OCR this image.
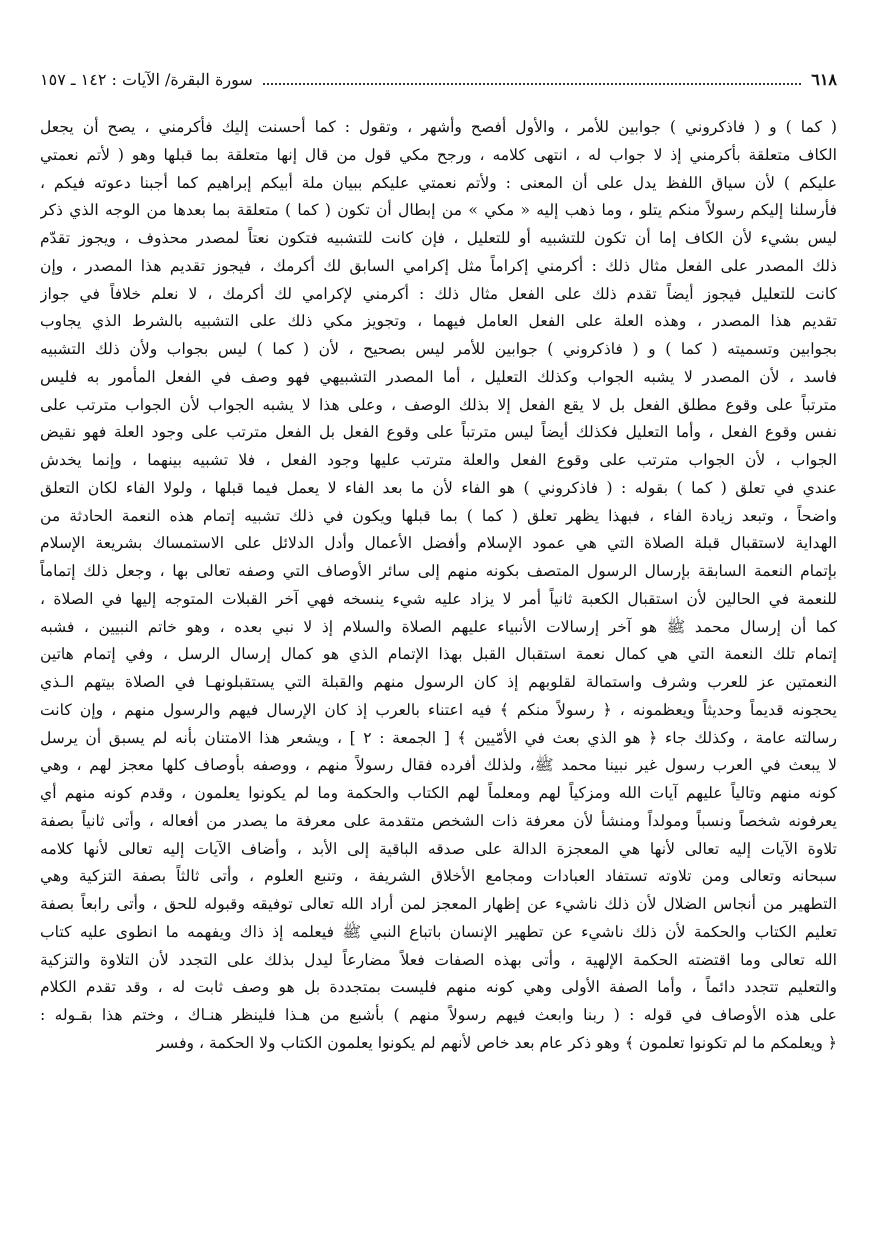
٦١٨
سورة البقرة/ الآيات : ١٤٢ ـ ١٥٧
( كما ) و ( فاذكروني ) جوابين للأمر ، والأول أفصح وأشهر ، وتقول : كما أحسنت إليك فأكرمني ، يصح أن يجعل
الكاف متعلقة بأكرمني إذ لا جواب له ، انتهى كلامه ، ورجح مكي قول من قال إنها متعلقة بما قبلها وهو ( لأتم نعمتي
عليكم ) لأن سياق اللفظ يدل على أن المعنى : ولأتم نعمتي عليكم ببيان ملة أبيكم إبراهيم كما أجبنا دعوته فيكم ،
فأرسلنا إليكم رسولاً منكم يتلو ، وما ذهب إليه « مكي » من إبطال أن تكون ( كما ) متعلقة بما بعدها من الوجه الذي ذكر
ليس بشيء لأن الكاف إما أن تكون للتشبيه أو للتعليل ، فإن كانت للتشبيه فتكون نعتاً لمصدر محذوف ، ويجوز تقدّم
ذلك المصدر على الفعل مثال ذلك : أكرمني إكراماً مثل إكرامي السابق لك أكرمك ، فيجوز تقديم هذا المصدر ، وإن
كانت للتعليل فيجوز أيضاً تقدم ذلك على الفعل مثال ذلك : أكرمني لإكرامي لك أكرمك ، لا نعلم خلافاً في جواز
تقديم هذا المصدر ، وهذه العلة على الفعل العامل فيهما ، وتجويز مكي ذلك على التشبيه بالشرط الذي يجاوب
بجوابين وتسميته ( كما ) و ( فاذكروني ) جوابين للأمر ليس بصحيح ، لأن ( كما ) ليس بجواب ولأن ذلك التشبيه
فاسد ، لأن المصدر لا يشبه الجواب وكذلك التعليل ، أما المصدر التشبيهي فهو وصف في الفعل المأمور به فليس
مترتباً على وقوع مطلق الفعل بل لا يقع الفعل إلا بذلك الوصف ، وعلى هذا لا يشبه الجواب لأن الجواب مترتب على
نفس وقوع الفعل ، وأما التعليل فكذلك أيضاً ليس مترتباً على وقوع الفعل بل الفعل مترتب على وجود العلة فهو نقيض
الجواب ، لأن الجواب مترتب على وقوع الفعل والعلة مترتب عليها وجود الفعل ، فلا تشبيه بينهما ، وإنما يخدش
عندي في تعلق ( كما ) بقوله : ( فاذكروني ) هو الفاء لأن ما بعد الفاء لا يعمل فيما قبلها ، ولولا الفاء لكان التعلق
واضحاً ، وتبعد زيادة الفاء ، فبهذا يظهر تعلق ( كما ) بما قبلها ويكون في ذلك تشبيه إتمام هذه النعمة الحادثة من
الهداية لاستقبال قبلة الصلاة التي هي عمود الإسلام وأفضل الأعمال وأدل الدلائل على الاستمساك بشريعة الإسلام
بإتمام النعمة السابقة بإرسال الرسول المتصف بكونه منهم إلى سائر الأوصاف التي وصفه تعالى بها ، وجعل ذلك إتماماً
للنعمة في الحالين لأن استقبال الكعبة ثانياً أمر لا يزاد عليه شيء ينسخه فهي آخر القبلات المتوجه إليها في الصلاة ،
كما أن إرسال محمد ﷺ هو آخر إرسالات الأنبياء عليهم الصلاة والسلام إذ لا نبي بعده ، وهو خاتم النبيين ، فشبه
إتمام تلك النعمة التي هي كمال نعمة استقبال القبل بهذا الإتمام الذي هو كمال إرسال الرسل ، وفي إتمام هاتين
النعمتين عز للعرب وشرف واستمالة لقلوبهم إذ كان الرسول منهم والقبلة التي يستقبلونهـا في الصلاة بيتهم الـذي
يحجونه قديماً وحديثاً ويعظمونه ، ﴿ رسولاً منكم ﴾ فيه اعتناء بالعرب إذ كان الإرسال فيهم والرسول منهم ، وإن كانت
رسالته عامة ، وكذلك جاء ﴿ هو الذي بعث في الأمّيين ﴾ [ الجمعة : ٢ ] ، ويشعر هذا الامتنان بأنه لم يسبق أن يرسل
لا يبعث في العرب رسول غير نبينا محمد ﷺ، ولذلك أفرده فقال رسولاً منهم ، ووصفه بأوصاف كلها معجز لهم ، وهي
كونه منهم وتالياً عليهم آيات الله ومزكياً لهم ومعلماً لهم الكتاب والحكمة وما لم يكونوا يعلمون ، وقدم كونه منهم أي
يعرفونه شخصاً ونسباً ومولداً ومنشأ لأن معرفة ذات الشخص متقدمة على معرفة ما يصدر من أفعاله ، وأتى ثانياً بصفة
تلاوة الآيات إليه تعالى لأنها هي المعجزة الدالة على صدقه الباقية إلى الأبد ، وأضاف الآيات إليه تعالى لأنها كلامه
سبحانه وتعالى ومن تلاوته تستفاد العبادات ومجامع الأخلاق الشريفة ، وتنبع العلوم ، وأتى ثالثاً بصفة التزكية وهي
التطهير من أنجاس الضلال لأن ذلك ناشيء عن إظهار المعجز لمن أراد الله تعالى توفيقه وقبوله للحق ، وأتى رابعاً بصفة
تعليم الكتاب والحكمة لأن ذلك ناشيء عن تطهير الإنسان باتباع النبي ﷺ فيعلمه إذ ذاك ويفهمه ما انطوى عليه كتاب
الله تعالى وما اقتضته الحكمة الإلهية ، وأتى بهذه الصفات فعلاً مضارعاً ليدل بذلك على التجدد لأن التلاوة والتزكية
والتعليم تتجدد دائماً ، وأما الصفة الأولى وهي كونه منهم فليست بمتجددة بل هو وصف ثابت له ، وقد تقدم الكلام
على هذه الأوصاف في قوله : ( ربنا وابعث فيهم رسولاً منهم ) بأشبع من هـذا فلينظر هنـاك ، وختم هذا بقـوله :
﴿ ويعلمكم ما لم تكونوا تعلمون ﴾ وهو ذكر عام بعد خاص لأنهم لم يكونوا يعلمون الكتاب ولا الحكمة ، وفسر
